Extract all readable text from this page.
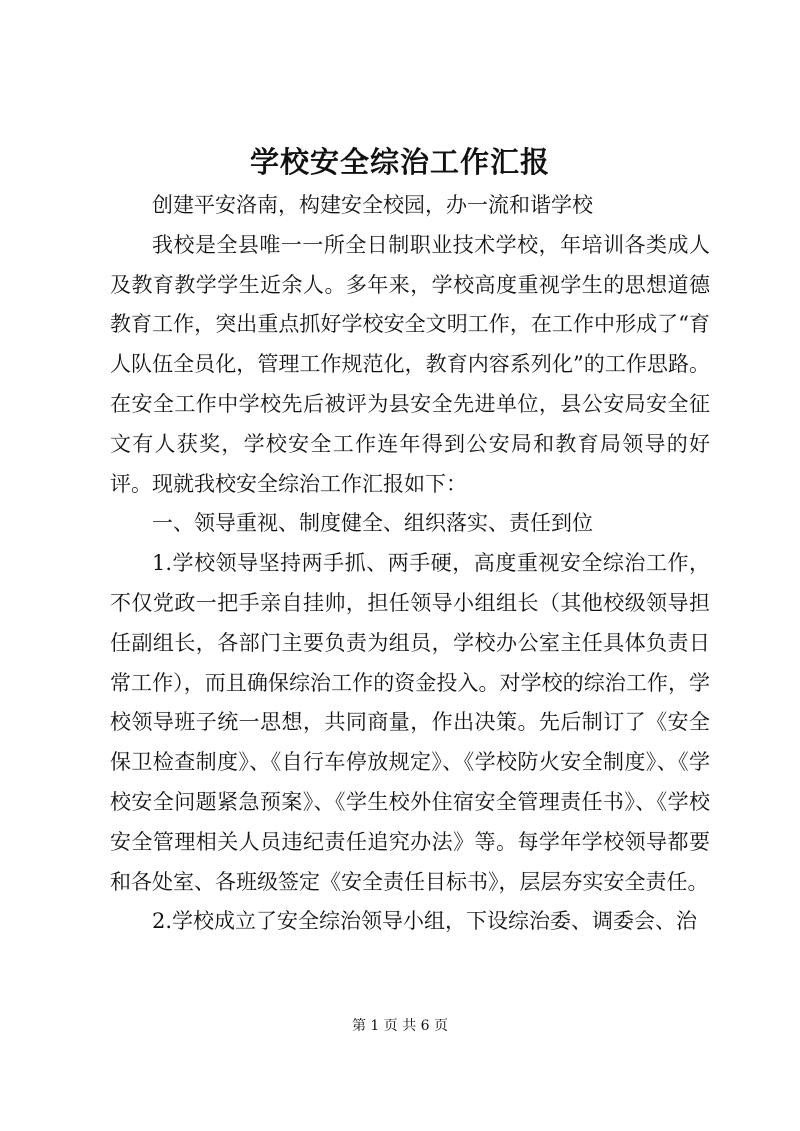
学校安全综治工作汇报

创建平安洛南，构建安全校园，办一流和谐学校

我校是全县唯一一所全日制职业技术学校，年培训各类成人及教育教学学生近余人。多年来，学校高度重视学生的思想道德教育工作，突出重点抓好学校安全文明工作，在工作中形成了“育人队伍全员化，管理工作规范化，教育内容系列化”的工作思路。在安全工作中学校先后被评为县安全先进单位，县公安局安全征文有人获奖，学校安全工作连年得到公安局和教育局领导的好评。现就我校安全综治工作汇报如下：

一、领导重视、制度健全、组织落实、责任到位

1.学校领导坚持两手抓、两手硬，高度重视安全综治工作，不仅党政一把手亲自挂帅，担任领导小组组长（其他校级领导担任副组长，各部门主要负责为组员，学校办公室主任具体负责日常工作），而且确保综治工作的资金投入。对学校的综治工作，学校领导班子统一思想，共同商量，作出决策。先后制订了《安全保卫检查制度》、《自行车停放规定》、《学校防火安全制度》、《学校安全问题紧急预案》、《学生校外住宿安全管理责任书》、《学校安全管理相关人员违纪责任追究办法》等。每学年学校领导都要和各处室、各班级签定《安全责任目标书》，层层夯实安全责任。

2.学校成立了安全综治领导小组，下设综治委、调委会、治

第 1 页 共 6 页
